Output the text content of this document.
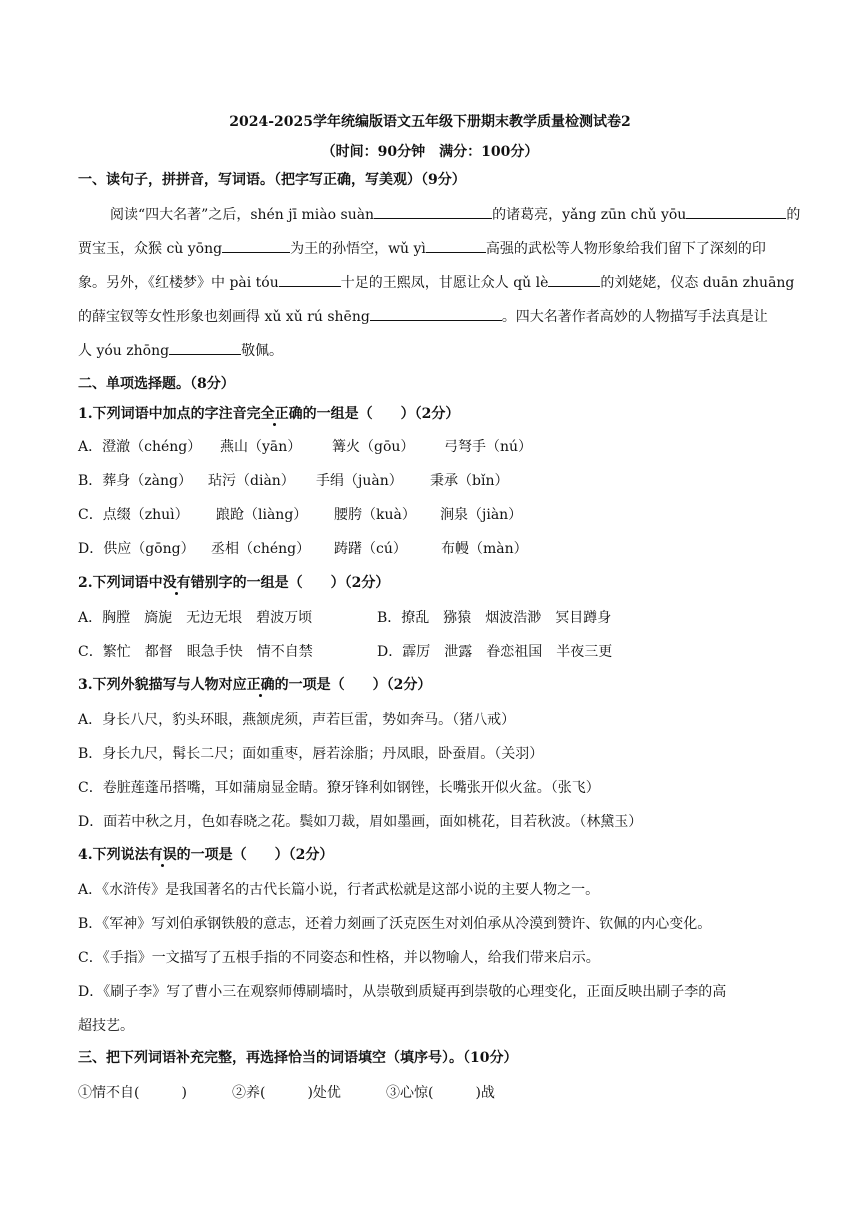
2024-2025学年统编版语文五年级下册期末教学质量检测试卷2
（时间：90分钟　满分：100分）
一、读句子，拼拼音，写词语。（把字写正确，写美观）（9分）
阅读“四大名著”之后，shén jī miào suàn	的诸葛亮，yǎng zūn chǔ yōu	的
贾宝玉，众猴 cù yōng	为王的孙悟空，wǔ yì	高强的武松等人物形象给我们留下了深刻的印
象。另外，《红楼梦》中 pài tóu	十足的王熙凤，甘愿让众人 qǔ lè	的刘姥姥，仪态 duān zhuāng
的薛宝钗等女性形象也刻画得 xǔ xǔ rú shēng	。四大名著作者高妙的人物描写手法真是让
人 yóu zhōng	敬佩。
二、单项选择题。（8分）
1.下列词语中加点的字注音完全正确的一组是（　　）（2分）
A．澄澈（chéng） 燕山（yān） 篝火（gōu） 弓弩手（nú）
B．葬身（zàng） 玷污（diàn） 手绢（juàn） 秉承（bǐn）
C．点缀（zhuì） 踉跄（liàng） 腰胯（kuà） 涧泉（jiàn）
D．供应（gōng） 丞相（chéng） 踌躇（cú） 布幔（màn）
2.下列词语中没有错别字的一组是（　　）（2分）
A．胸膛　旖旎　无边无垠　碧波万顷	B．撩乱　猕猿　烟波浩渺　冥目蹲身
C．繁忙　都督　眼急手快　情不自禁	D．霹厉　泄露　眷恋祖国　半夜三更
3.下列外貌描写与人物对应正确的一项是（　　）（2分）
A．身长八尺，豹头环眼，燕颔虎须，声若巨雷，势如奔马。（猪八戒）
B．身长九尺，髯长二尺；面如重枣，唇若涂脂；丹凤眼，卧蚕眉。（关羽）
C．卷脏莲蓬吊搭嘴，耳如蒲扇显金睛。獠牙锋利如钢锉，长嘴张开似火盆。（张飞）
D．面若中秋之月，色如春晓之花。鬓如刀裁，眉如墨画，面如桃花，目若秋波。（林黛玉）
4.下列说法有误的一项是（　　）（2分）
A．《水浒传》是我国著名的古代长篇小说，行者武松就是这部小说的主要人物之一。
B．《军神》写刘伯承钢铁般的意志，还着力刻画了沃克医生对刘伯承从冷漠到赞许、钦佩的内心变化。
C．《手指》一文描写了五根手指的不同姿态和性格，并以物喻人，给我们带来启示。
D．《刷子李》写了曹小三在观察师傅刷墙时，从崇敬到质疑再到崇敬的心理变化，正面反映出刷子李的高
超技艺。
三、把下列词语补充完整，再选择恰当的词语填空（填序号）。（10分）
①情不自(　　　)	②养(　　　)处优	③心惊(　　　)战
